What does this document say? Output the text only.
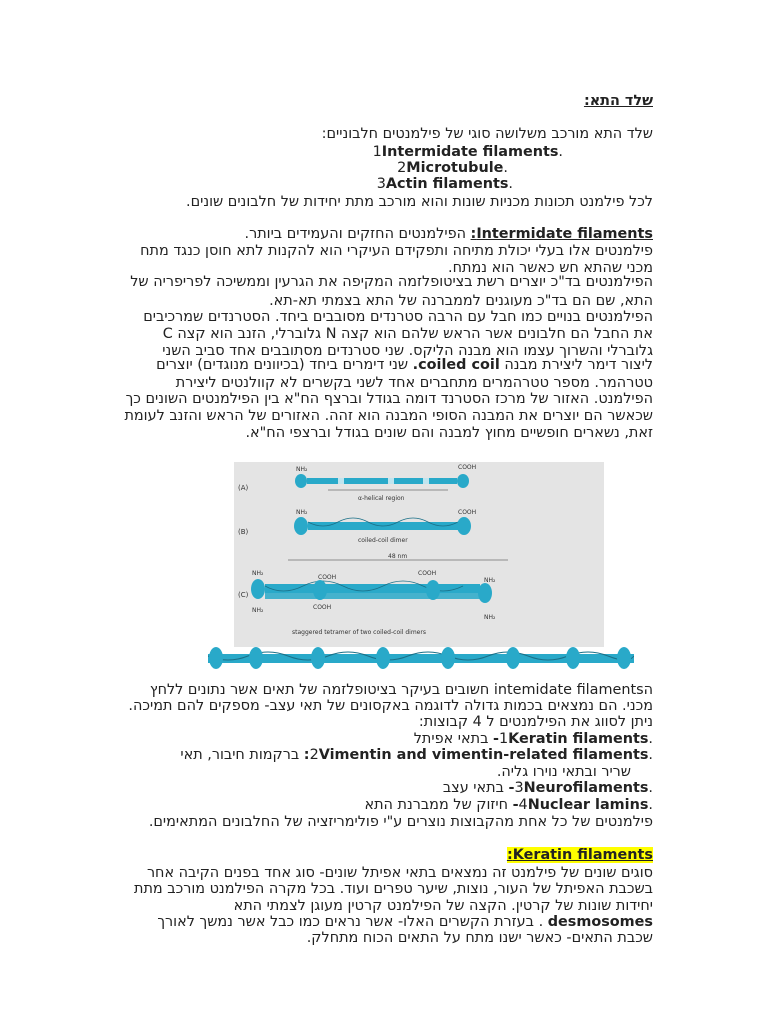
שלד התא:
שלד התא מורכב משלושה סוגי של פילמנטים חלבוניים:
.1Intermidate filaments
.2Microtubule
.3Actin filaments
לכל פילמנט תכונות מכניות שונות והוא מורכב מתת יחידות של חלבונים שונים.
Intermidate filaments: הפילמנטים החזקים והעמידים ביותר.
פילמנטים אלו בעלי יכולת מתיחה ותפקידם העיקרי הוא להקנות לתא חוסן כנגד מתח
מכני שהתא חש כאשר הוא נמתח.
הפילמנטים בד"כ יוצרים רשת בציטופלזמה המקיפה את הגרעין וממשיכה לפריפריה של
התא, שם הם בד"כ מעוגנים לממברנה של התא בצמתי תא-תא.
הפילמנטים בנויים כמו חבל עם הרבה סטרנדים מסובבים ביחד. הסטרנדים שמרכיבים
את החבל הם חלבונים אשר הראש שלהם הוא קצה N גלוברלי, הזנב הוא קצה C
גלוברלי והשרוך עצמו הוא מבנה הליקס. שני סטרנדים מסתובבים אחד סביב השני
ליצור דימר ליצירת מבנה coiled coil. שני דימרים ביחד (בכיוונים מנוגדים) יוצרים
טטרהמר. מספר טטרהמרים מתחברים אחד לשני בקשרים לא קוולנטים ליצירת
הפילמנט. האזור של מרכז הסטרנד דומה בגודל וברצף הח"א בין הפילמנטים השונים כך
שכאשר הם יוצרים את המבנה הסופי המבנה הוא זהה. האזורים של הראש והזנב לעומת
זאת, נשארים חופשיים מחוץ למבנה והם שונים בגודל וברצפי הח"א.
(A)
NH₂	COOH
α-helical region
(B)
NH₂	COOH
coiled-coil dimer
48 nm
(C)
NH₂
COOH
COOH
NH₂
NH₂	COOH
NH₂
staggered tetramer of two coiled-coil dimers
הintemidate filaments חשובים בעיקר בציטופלזמה של תאים אשר נתונים ללחץ
מכני. הם נמצאים בכמות גדולה לדוגמה באקסונים של תאי עצב- מספקים להם תמיכה.
ניתן לסווג את הפילמנטים ל 4 קבוצות:
.1Keratin filaments- בתאי אפיתל
.2Vimentin and vimentin-related filaments: ברקמות חיבור, תאי
שריר ובתאי נוירו גליה.
.3Neurofilaments- בתאי עצב
.4Nuclear lamins- חיזוק של ממברנת התא
פילמנטים של כל אחת מהקבוצות נוצרים ע"י פולימריזציה של החלבונים המתאימים.
Keratin filaments:
סוגים שונים של פילמנט זה נמצאים בתאי אפיתל שונים- סוג אחד בפנים הקיבה אחר
בשכבת האפיתל של העור, נוצות, שיער טפרים ועוד. בכל מקרה הפילמנט מורכב מתת
יחידות שונות של קרטין. הקצה של הפילמנט קרטין מעוגן לצמתי התא
desmosomes . בעזרת הקשרים האלו- אשר נראים כמו כבל אשר נמשך לאורך
שכבת התאים- כאשר ישנו מתח על התאים הכוח מתחלק.
